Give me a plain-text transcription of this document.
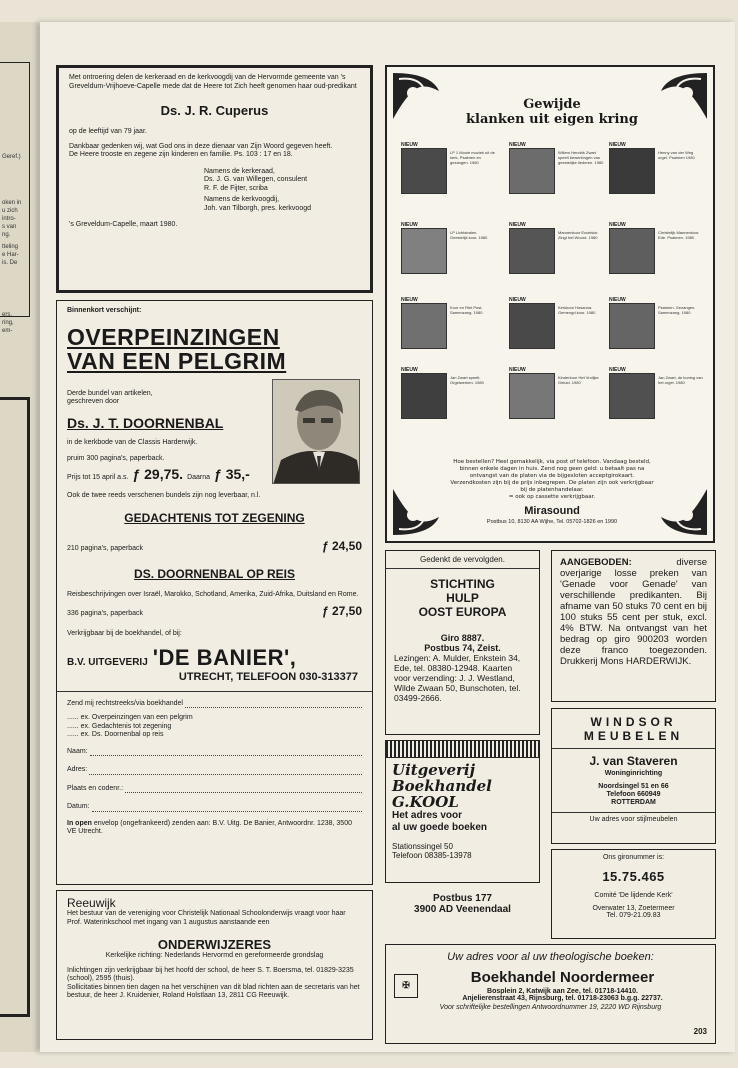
Geref.)
oken in
u zich
intro-
s van
ng.
tteling
e Har-
is. De
ers.
ring,
em-
Met ontroering delen de kerkeraad en de kerkvoogdij van de Hervormde gemeente van 's Greveldum-Vrijhoeve-Capelle mede dat de Heere tot Zich heeft genomen haar oud-predikant
Ds. J. R. Cuperus
op de leeftijd van 79 jaar.
Dankbaar gedenken wij, wat God ons in deze dienaar van Zijn Woord gegeven heeft.
De Heere trooste en zegene zijn kinderen en familie. Ps. 103 : 17 en 18.
Namens de kerkeraad,
Ds. J. G. van Willegen, consulent
R. F. de Fijter, scriba
Namens de kerkvoogdij,
Joh. van Tilborgh, pres. kerkvoogd
's Greveldum-Capelle, maart 1980.
Binnenkort verschijnt:
OVERPEINZINGEN
VAN EEN PELGRIM
Derde bundel van artikelen,
geschreven door
Ds. J. T. DOORNENBAL
in de kerkbode van de Classis Harderwijk.
pruim 300 pagina's, paperback.
Prijs tot 15 april a.s. ƒ 29,75. Daarna ƒ 35,-
Ook de twee reeds verschenen bundels zijn nog leverbaar, n.l.
GEDACHTENIS TOT ZEGENING
210 pagina's, paperback	ƒ 24,50
DS. DOORNENBAL OP REIS
Reisbeschrijvingen over Israël, Marokko, Schotland, Amerika, Zuid-Afrika, Duitsland en Rome.
336 pagina's, paperback	ƒ 27,50
Verkrijgbaar bij de boekhandel, of bij:
B.V. UITGEVERIJ 'DE BANIER',
UTRECHT, TELEFOON 030-313377
Zend mij rechtstreeks/via boekhandel
...... ex. Overpeinzingen van een pelgrim
...... ex. Gedachtenis tot zegening
...... ex. Ds. Doornenbal op reis
Naam:
Adres:
Plaats en codenr.:
Datum:
In open envelop (ongefrankeerd) zenden aan: B.V. Uitg. De Banier, Antwoordnr. 1238, 3500 VE Utrecht.
Reeuwijk
Het bestuur van de vereniging voor Christelijk Nationaal Schoolonderwijs vraagt voor haar Prof. Waterinkschool met ingang van 1 augustus aanstaande een
ONDERWIJZERES
Kerkelijke richting: Nederlands Hervormd en gereformeerde grondslag
Inlichtingen zijn verkrijgbaar bij het hoofd der school, de heer S. T. Boersma, tel. 01829-3235 (school), 2595 (thuis).
Sollicitaties binnen tien dagen na het verschijnen van dit blad richten aan de secretaris van het bestuur, de heer J. Kruidenier, Roland Holstlaan 13, 2811 CG Reeuwijk.
Gewijde
klanken uit eigen kring
NIEUW
LP 1 Mooie muziek uit de kerk, Psalmen en gezangen. 1980
NIEUW
Willem Hendrik Zwart speelt bewerkingen van geestelijke liederen. 1980
NIEUW
Henny van der Weg orgel. Psalmen 1980
NIEUW
LP Lichtstralen. Geestelijk koor. 1980
NIEUW
Mannenkoor Excelsior. Zingt het Woord. 1980
NIEUW
Christelijk Mannenkoor Ede. Psalmen. 1980
NIEUW
Koor en Riet Post. Samenzang. 1980
NIEUW
Kerkkoor Hosanna. Gemengd koor. 1980
NIEUW
Psalmen. Gezangen. Samenzang. 1980
NIEUW
Jan Zwart speelt. Orgelwerken. 1980
NIEUW
Kinderkoor Het Vrolijke Geluid. 1980
NIEUW
Jan Zwart, de koning van het orgel. 1980
Hoe bestellen? Heel gemakkelijk, via post of telefoon. Vandaag besteld, binnen enkele dagen in huis. Zend nog geen geld: u betaalt pas na ontvangst van de platen via de bijgesloten acceptgirokaart.
Verzendkosten zijn bij de prijs inbegrepen. De platen zijn ook verkrijgbaar bij de platenhandelaar.
= ook op cassette verkrijgbaar.
Mirasound
Postbus 10, 8130 AA Wijhe, Tel. 05702-1826 en 1990
Gedenkt de vervolgden.
STICHTING
HULP
OOST EUROPA
Giro 8887.
Postbus 74, Zeist.
Lezingen: A. Mulder, Enkstein 34, Ede, tel. 08380-12948. Kaarten voor verzending: J. J. Westland, Wilde Zwaan 50, Bunschoten, tel. 03499-2666.
Uitgeverij
Boekhandel
G.KOOL
Het adres voor
al uw goede boeken
Stationssingel 50
Telefoon 08385-13978
Postbus 177
3900 AD Veenendaal
AANGEBODEN:	diverse overjarige losse preken van 'Genade voor Genade' van verschillende predikanten. Bij afname van 50 stuks 70 cent en bij 100 stuks 55 cent per stuk, excl. 4% BTW. Na ontvangst van het bedrag op giro 900203 worden deze franco toegezonden. Drukkerij Mons HARDERWIJK.
WINDSOR
MEUBELEN
J. van Staveren
Woninginrichting
Noordsingel 51 en 66
Telefoon 660949
ROTTERDAM
Uw adres voor stijlmeubelen
Ons gironummer is:
15.75.465
Comité 'De lijdende Kerk'
Overwater 13, Zoetermeer
Tel. 079-21.09.83
Uw adres voor al uw theologische boeken:
✠	Boekhandel Noordermeer
Bosplein 2, Katwijk aan Zee, tel. 01718-14410.
Anjelierenstraat 43, Rijnsburg, tel. 01718-23063 b.g.g. 22737.
Voor schriftelijke bestellingen Antwoordnummer 19, 2220 WD Rijnsburg
203
